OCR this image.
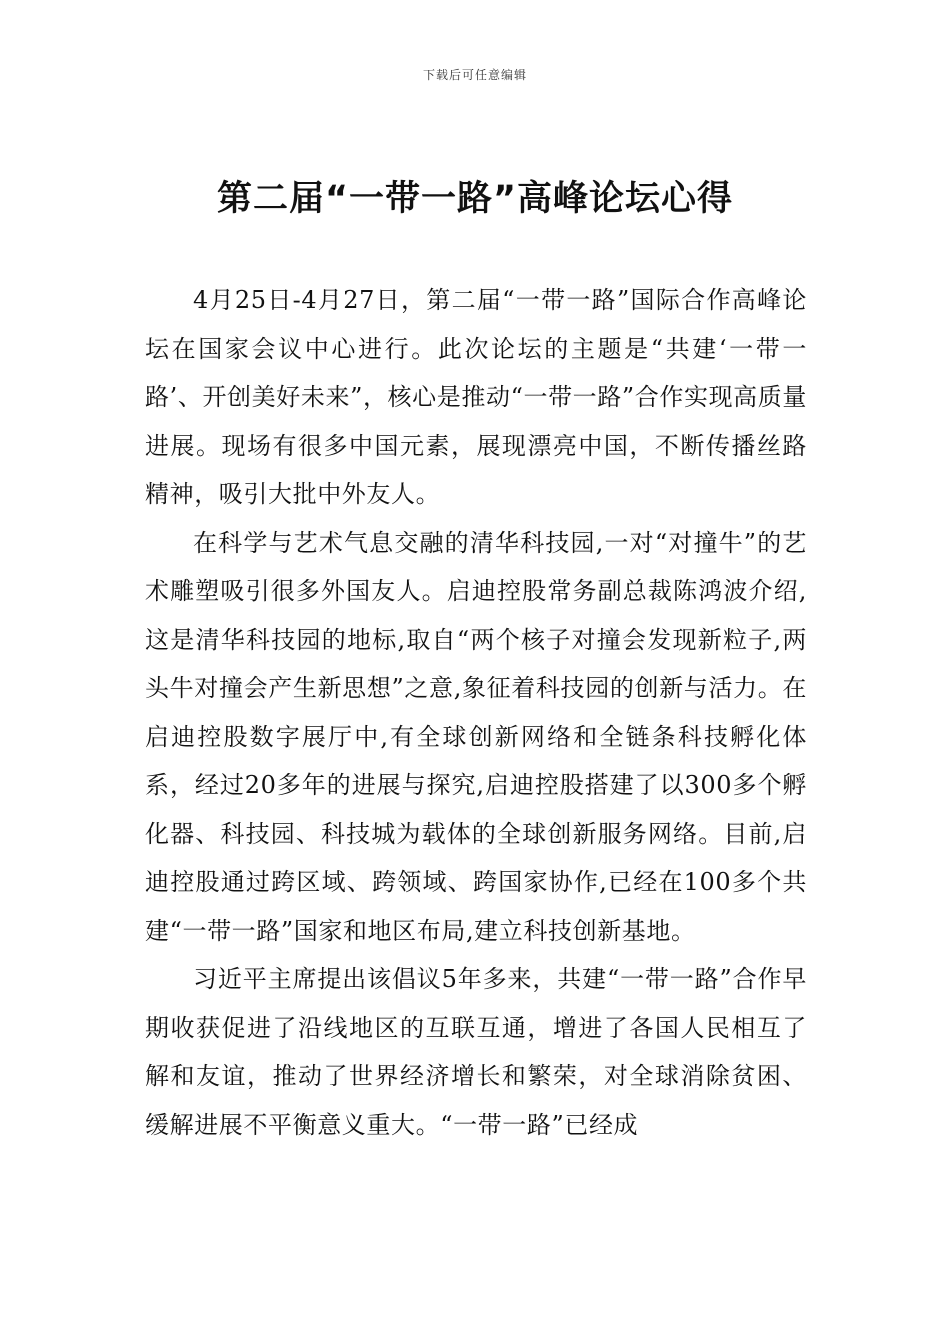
下载后可任意编辑
第二届“一带一路”高峰论坛心得

4月25日-4月27日，第二届“一带一路”国际合作高峰论坛在国家会议中心进行。此次论坛的主题是“共建‘一带一路’、开创美好未来”，核心是推动“一带一路”合作实现高质量进展。现场有很多中国元素，展现漂亮中国，不断传播丝路精神，吸引大批中外友人。

在科学与艺术气息交融的清华科技园,一对“对撞牛”的艺术雕塑吸引很多外国友人。启迪控股常务副总裁陈鸿波介绍,这是清华科技园的地标,取自“两个核子对撞会发现新粒子,两头牛对撞会产生新思想”之意,象征着科技园的创新与活力。在启迪控股数字展厅中,有全球创新网络和全链条科技孵化体系，经过20多年的进展与探究,启迪控股搭建了以300多个孵化器、科技园、科技城为载体的全球创新服务网络。目前,启迪控股通过跨区域、跨领域、跨国家协作,已经在100多个共建“一带一路”国家和地区布局,建立科技创新基地。

习近平主席提出该倡议5年多来，共建“一带一路”合作早期收获促进了沿线地区的互联互通，增进了各国人民相互了解和友谊，推动了世界经济增长和繁荣，对全球消除贫困、缓解进展不平衡意义重大。“一带一路”已经成
